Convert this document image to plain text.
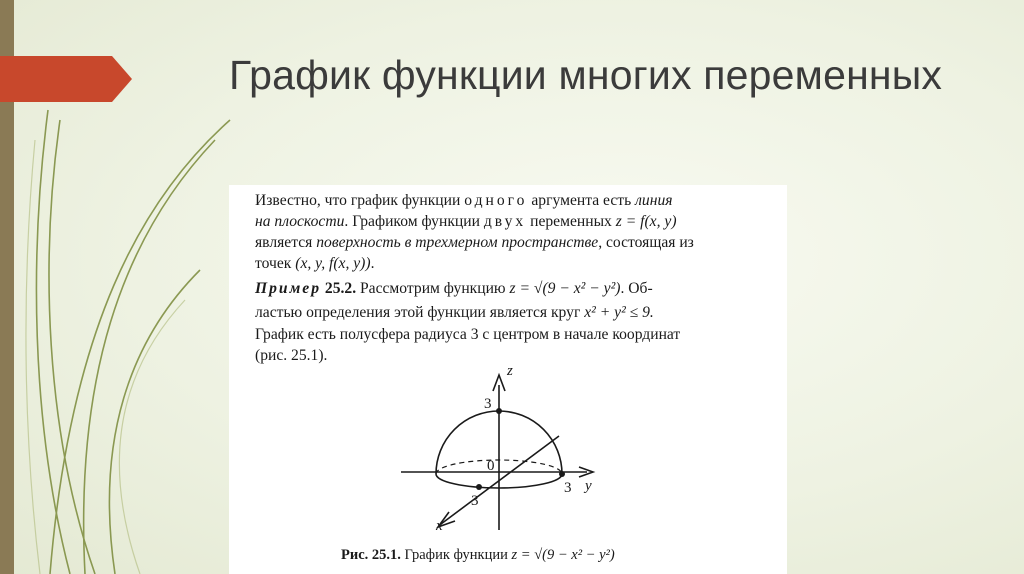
График функции многих переменных

Известно, что график функции одного аргумента есть линия

на плоскости. Графиком функции двух переменных z = f(x, y)

является поверхность в трехмерном пространстве, состоящая из

точек (x, y, f(x, y)).

Пример 25.2. Рассмотрим функцию z = √(9 − x² − y²). Об-

ластью определения этой функции является круг x² + y² ≤ 9.

График есть полусфера радиуса 3 с центром в начале координат

(рис. 25.1).

z
y
x
3
0
3
3
Рис. 25.1. График функции z = √(9 − x² − y²)
